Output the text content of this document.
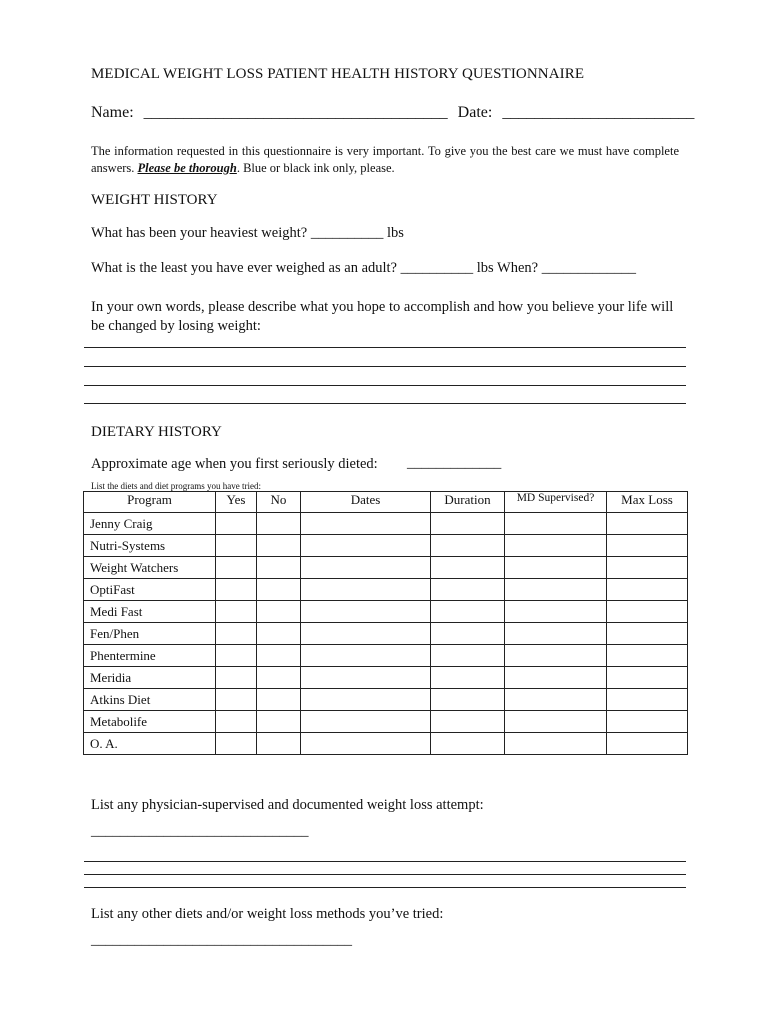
MEDICAL WEIGHT LOSS PATIENT HEALTH HISTORY QUESTIONNAIRE
Name: ______________________________________ Date: ________________________
The information requested in this questionnaire is very important. To give you the best care we must have complete answers. Please be thorough. Blue or black ink only, please.
WEIGHT HISTORY
What has been your heaviest weight? __________ lbs
What is the least you have ever weighed as an adult? __________ lbs When? _____________
In your own words, please describe what you hope to accomplish and how you believe your life will be changed by losing weight:
DIETARY HISTORY
Approximate age when you first seriously dieted: _____________
List the diets and diet programs you have tried:
Program	Yes	No	Dates	Duration	MD Supervised?	Max Loss
Jenny Craig						
Nutri-Systems						
Weight Watchers						
OptiFast						
Medi Fast						
Fen/Phen						
Phentermine						
Meridia						
Atkins Diet						
Metabolife						
O. A.						
List any physician-supervised and documented weight loss attempt:
______________________________
List any other diets and/or weight loss methods you’ve tried:
____________________________________
